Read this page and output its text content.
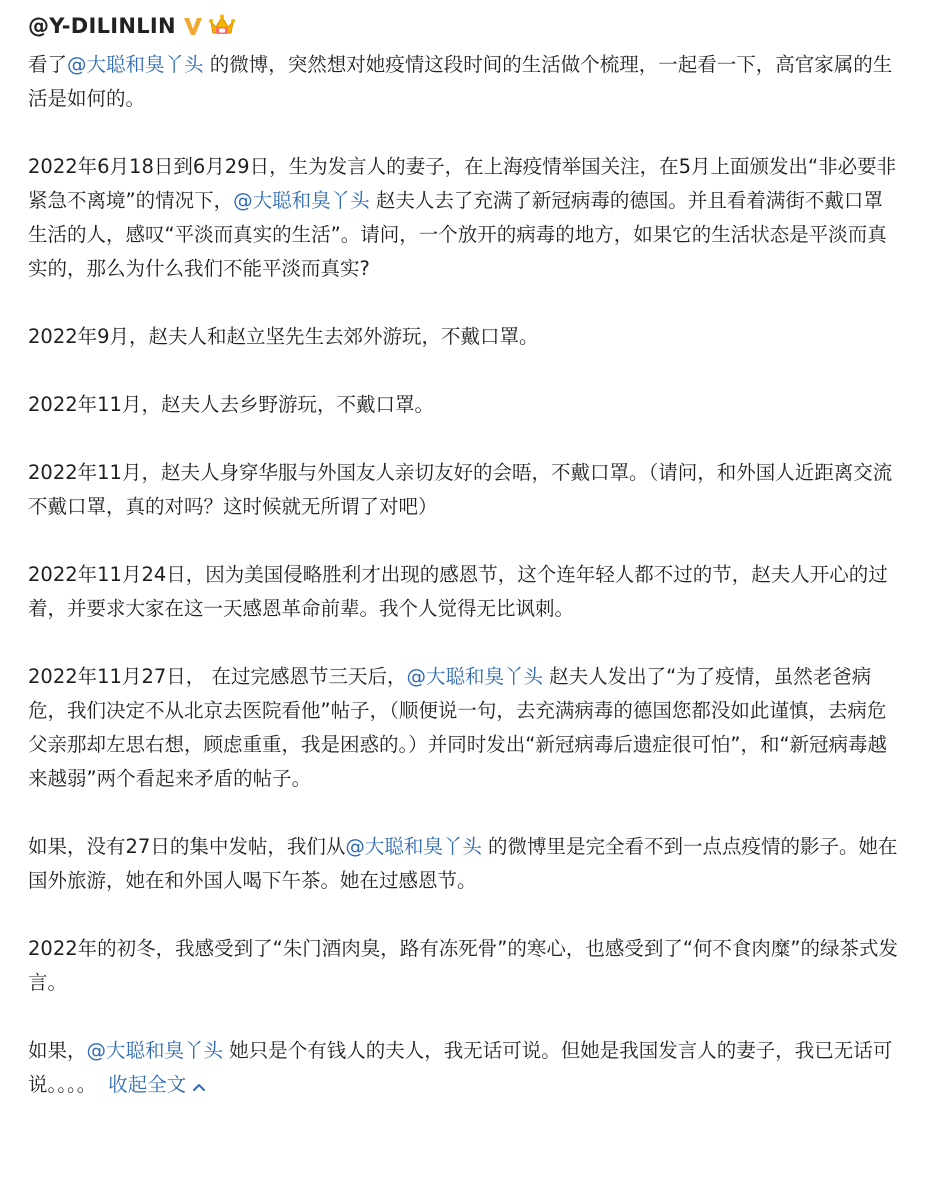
@Y-DILINLIN

看了@大聪和臭丫头 的微博，突然想对她疫情这段时间的生活做个梳理，一起看一下，高官家属的生活是如何的。

2022年6月18日到6月29日，生为发言人的妻子，在上海疫情举国关注，在5月上面颁发出“非必要非紧急不离境”的情况下，@大聪和臭丫头 赵夫人去了充满了新冠病毒的德国。并且看着满街不戴口罩生活的人，感叹“平淡而真实的生活”。请问，一个放开的病毒的地方，如果它的生活状态是平淡而真实的，那么为什么我们不能平淡而真实?

2022年9月，赵夫人和赵立坚先生去郊外游玩，不戴口罩。

2022年11月，赵夫人去乡野游玩，不戴口罩。

2022年11月，赵夫人身穿华服与外国友人亲切友好的会晤，不戴口罩。（请问，和外国人近距离交流不戴口罩，真的对吗？这时候就无所谓了对吧）

2022年11月24日，因为美国侵略胜利才出现的感恩节，这个连年轻人都不过的节，赵夫人开心的过着，并要求大家在这一天感恩革命前辈。我个人觉得无比讽刺。

2022年11月27日， 在过完感恩节三天后，@大聪和臭丫头 赵夫人发出了“为了疫情，虽然老爸病危，我们决定不从北京去医院看他”帖子，（顺便说一句，去充满病毒的德国您都没如此谨慎，去病危父亲那却左思右想，顾虑重重，我是困惑的。）并同时发出“新冠病毒后遗症很可怕”，和“新冠病毒越来越弱”两个看起来矛盾的帖子。

如果，没有27日的集中发帖，我们从@大聪和臭丫头 的微博里是完全看不到一点点疫情的影子。她在国外旅游，她在和外国人喝下午茶。她在过感恩节。

2022年的初冬，我感受到了“朱门酒肉臭，路有冻死骨”的寒心，也感受到了“何不食肉糜”的绿茶式发言。

如果，@大聪和臭丫头 她只是个有钱人的夫人，我无话可说。但她是我国发言人的妻子，我已无话可说。。。。 收起全文
